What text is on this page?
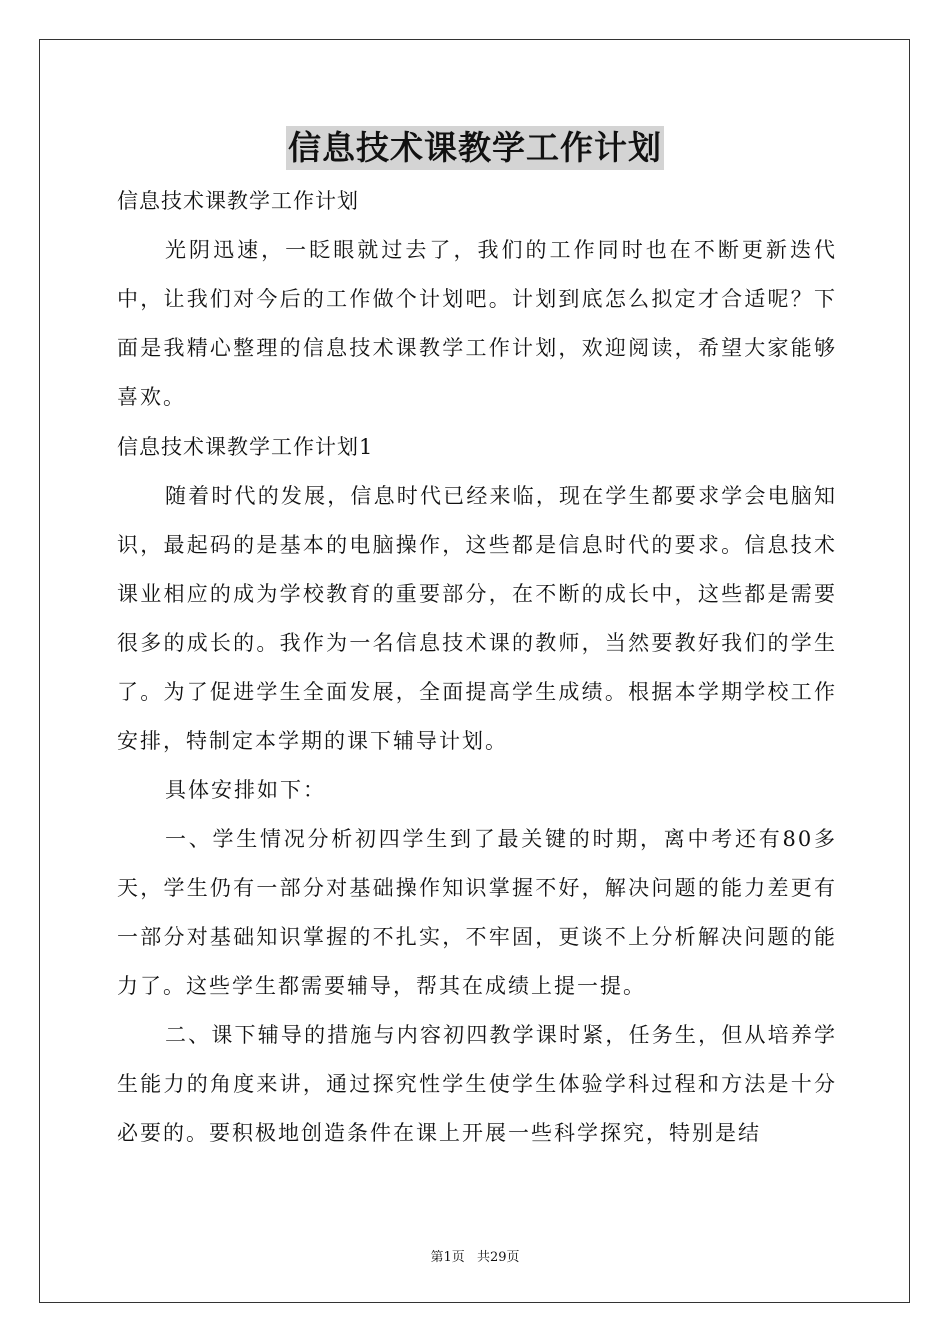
信息技术课教学工作计划

信息技术课教学工作计划

光阴迅速，一眨眼就过去了，我们的工作同时也在不断更新迭代中，让我们对今后的工作做个计划吧。计划到底怎么拟定才合适呢？下面是我精心整理的信息技术课教学工作计划，欢迎阅读，希望大家能够喜欢。

信息技术课教学工作计划1

随着时代的发展，信息时代已经来临，现在学生都要求学会电脑知识，最起码的是基本的电脑操作，这些都是信息时代的要求。信息技术课业相应的成为学校教育的重要部分，在不断的成长中，这些都是需要很多的成长的。我作为一名信息技术课的教师，当然要教好我们的学生了。为了促进学生全面发展，全面提高学生成绩。根据本学期学校工作安排，特制定本学期的课下辅导计划。

具体安排如下：

一、学生情况分析初四学生到了最关键的时期，离中考还有80多天，学生仍有一部分对基础操作知识掌握不好，解决问题的能力差更有一部分对基础知识掌握的不扎实，不牢固，更谈不上分析解决问题的能力了。这些学生都需要辅导，帮其在成绩上提一提。

二、课下辅导的措施与内容初四教学课时紧，任务生，但从培养学生能力的角度来讲，通过探究性学生使学生体验学科过程和方法是十分必要的。要积极地创造条件在课上开展一些科学探究，特别是结

第1页 共29页
